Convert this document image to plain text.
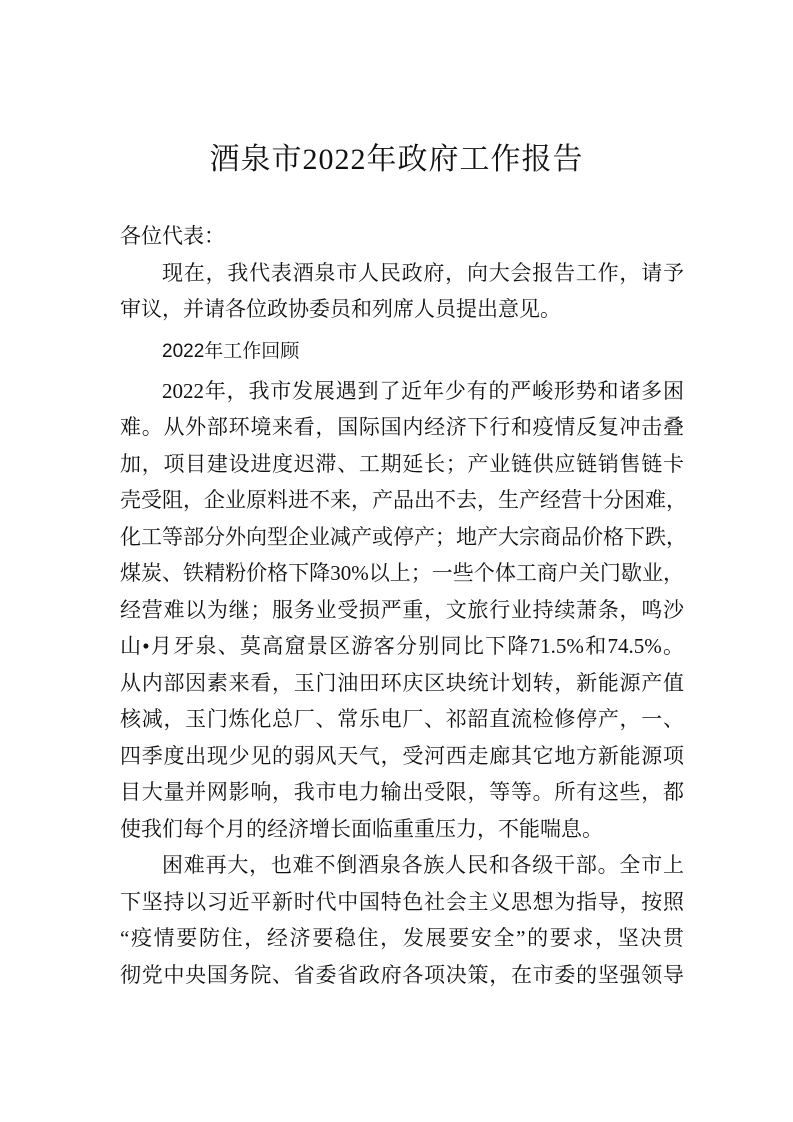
酒泉市2022年政府工作报告
各位代表：
现在，我代表酒泉市人民政府，向大会报告工作，请予
审议，并请各位政协委员和列席人员提出意见。
2022年工作回顾
2022年，我市发展遇到了近年少有的严峻形势和诸多困
难。从外部环境来看，国际国内经济下行和疫情反复冲击叠
加，项目建设进度迟滞、工期延长；产业链供应链销售链卡
壳受阻，企业原料进不来，产品出不去，生产经营十分困难，
化工等部分外向型企业减产或停产；地产大宗商品价格下跌，
煤炭、铁精粉价格下降30%以上；一些个体工商户关门歇业，
经营难以为继；服务业受损严重，文旅行业持续萧条，鸣沙
山•月牙泉、莫高窟景区游客分别同比下降71.5%和74.5%。
从内部因素来看，玉门油田环庆区块统计划转，新能源产值
核减，玉门炼化总厂、常乐电厂、祁韶直流检修停产，一、
四季度出现少见的弱风天气，受河西走廊其它地方新能源项
目大量并网影响，我市电力输出受限，等等。所有这些，都
使我们每个月的经济增长面临重重压力，不能喘息。
困难再大，也难不倒酒泉各族人民和各级干部。全市上
下坚持以习近平新时代中国特色社会主义思想为指导，按照
“疫情要防住，经济要稳住，发展要安全”的要求，坚决贯
彻党中央国务院、省委省政府各项决策，在市委的坚强领导
